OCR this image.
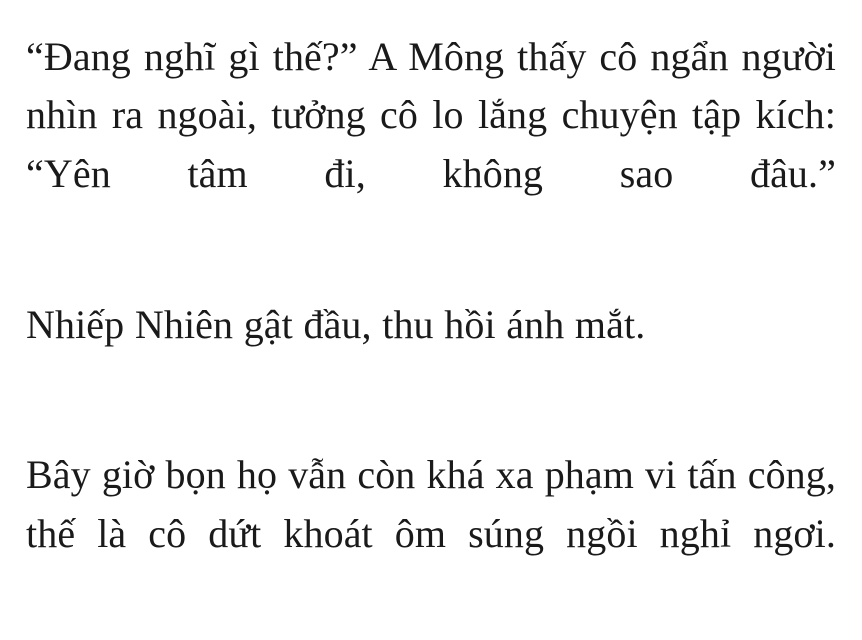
“Đang nghĩ gì thế?” A Mông thấy cô ngẩn người nhìn ra ngoài, tưởng cô lo lắng chuyện tập kích: “Yên tâm đi, không sao đâu.”

Nhiếp Nhiên gật đầu, thu hồi ánh mắt.

Bây giờ bọn họ vẫn còn khá xa phạm vi tấn công, thế là cô dứt khoát ôm súng ngồi nghỉ ngơi.
